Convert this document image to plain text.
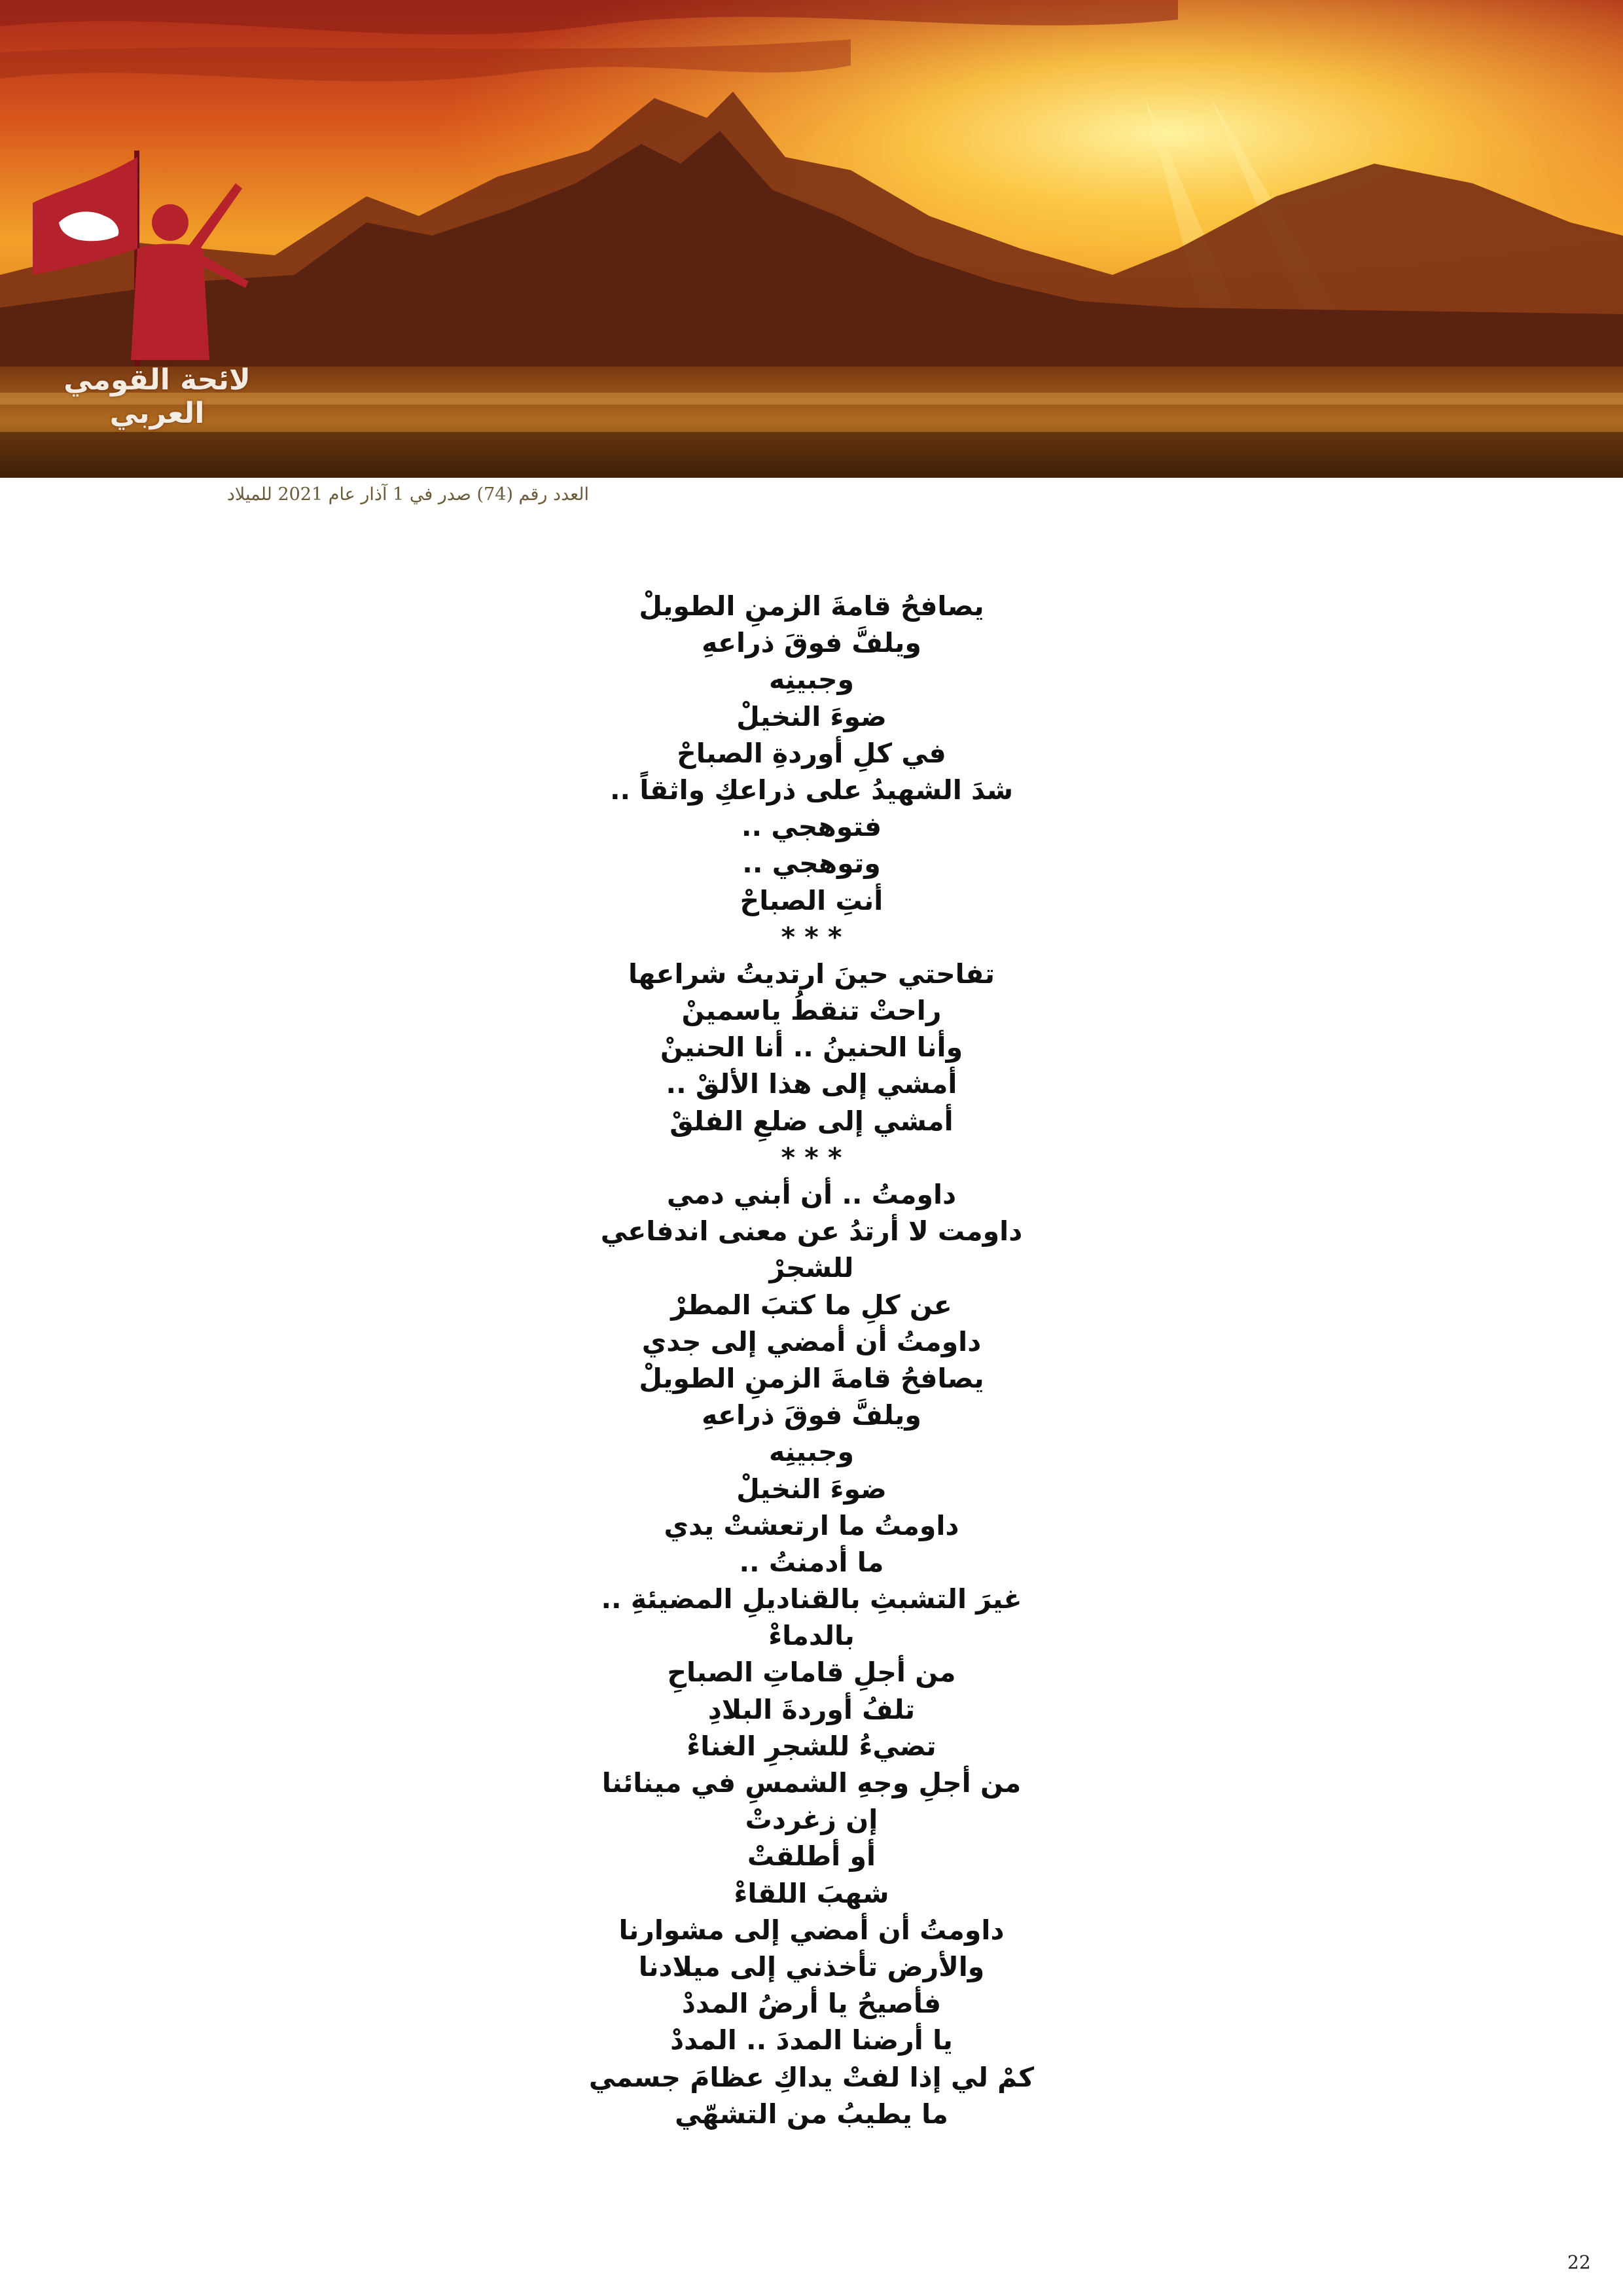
لائحة القومي العربي
العدد رقم (74) صدر في 1 آذار عام 2021 للميلاد
يصافحُ قامةَ الزمنِ الطويلْ
ويلفَّ فوقَ ذراعهِ
وجبينِه
ضوءَ النخيلْ
في كلِ أوردةِ الصباحْ
شدَ الشهيدُ على ذراعكِ واثقاً ..
فتوهجي ..
وتوهجي ..
أنتِ الصباحْ
* * *
تفاحتي حينَ ارتديتُ شراعها
راحتْ تنقطُ ياسمينْ
وأنا الحنينُ .. أنا الحنينْ
أمشي إلى هذا الألقْ ..
أمشي إلى ضلعِ الفلقْ
* * *
داومتُ .. أن أبني دمي
داومت لا أرتدُ عن معنى اندفاعي
للشجرْ
عن كلِ ما كتبَ المطرْ
داومتُ أن أمضي إلى جدي
يصافحُ قامةَ الزمنِ الطويلْ
ويلفَّ فوقَ ذراعهِ
وجبينِه
ضوءَ النخيلْ
داومتُ ما ارتعشتْ يدي
ما أدمنتُ ..
غيرَ التشبثِ بالقناديلِ المضيئةِ ..
بالدماءْ
من أجلِ قاماتِ الصباحِ
تلفُ أوردةَ البلادِ
تضيءُ للشجرِ الغناءْ
من أجلِ وجهِ الشمسِ في مينائنا
إن زغردتْ
أو أطلقتْ
شهبَ اللقاءْ
داومتُ أن أمضي إلى مشوارنا
والأرض تأخذني إلى ميلادنا
فأصيحُ يا أرضُ المددْ
يا أرضنا المددَ .. المددْ
كمْ لي إذا لفتْ يداكِ عظامَ جسمي
ما يطيبُ من التشهّي
22
